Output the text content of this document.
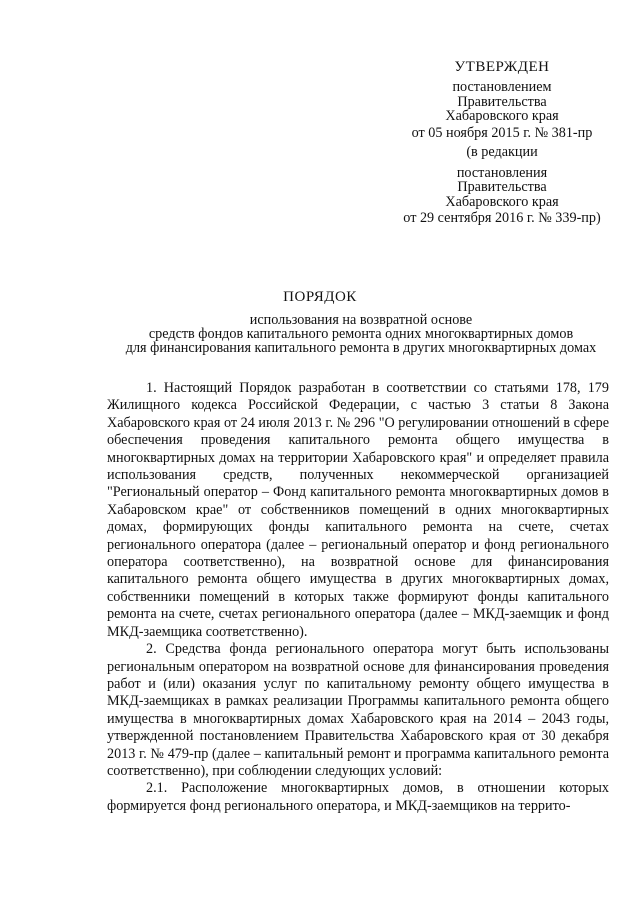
УТВЕРЖДЕН
постановлением
Правительства
Хабаровского края
от 05 ноября 2015 г. № 381-пр
(в редакции
постановления
Правительства
Хабаровского края
от 29 сентября 2016 г. № 339-пр)
ПОРЯДОК
использования на возвратной основе
средств фондов капитального ремонта одних многоквартирных домов
для финансирования капитального ремонта в других многоквартирных домах

1. Настоящий Порядок разработан в соответствии со статьями 178, 179 Жилищного кодекса Российской Федерации, с частью 3 статьи 8 Закона Хабаровского края от 24 июля 2013 г. № 296 "О регулировании отношений в сфере обеспечения проведения капитального ремонта общего имущества в многоквартирных домах на территории Хабаровского края" и определяет правила использования средств, полученных некоммерческой организацией "Региональный оператор – Фонд капитального ремонта многоквартирных домов в Хабаровском крае" от собственников помещений в одних многоквартирных домах, формирующих фонды капитального ремонта на счете, счетах регионального оператора (далее – региональный оператор и фонд регионального оператора соответственно), на возвратной основе для финансирования капитального ремонта общего имущества в других многоквартирных домах, собственники помещений в которых также формируют фонды капитального ремонта на счете, счетах регионального оператора (далее – МКД-заемщик и фонд МКД-заемщика соответственно).

2. Средства фонда регионального оператора могут быть использованы региональным оператором на возвратной основе для финансирования проведения работ и (или) оказания услуг по капитальному ремонту общего имущества в МКД-заемщиках в рамках реализации Программы капитального ремонта общего имущества в многоквартирных домах Хабаровского края на 2014 – 2043 годы, утвержденной постановлением Правительства Хабаровского края от 30 декабря 2013 г. № 479-пр (далее – капитальный ремонт и программа капитального ремонта соответственно), при соблюдении следующих условий:

2.1. Расположение многоквартирных домов, в отношении которых формируется фонд регионального оператора, и МКД-заемщиков на террито-
